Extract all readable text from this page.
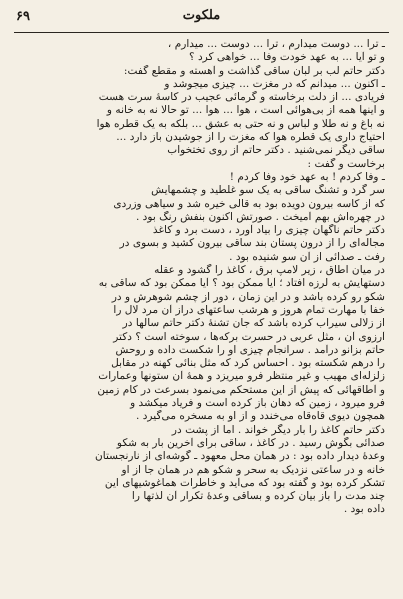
۶۹	ملکوت
ـ ترا ... دوست میدارم ، ترا ... دوست ... میدارم ،
و تو آیا ... به عهد خودت وفا ... خواهی کرد ؟
دکتر حاتم لب بر لبان ساقی گذاشت و آهسته و مقطع گفت:
ـ اکنون ... میدانم که در مغزت ... چیزی میجوشد و
فریادی ... از دلت برخاسته و گرمائی عجیب در کاسهٔ سرت هست
و اینها همه از بی‌هوائی است ، هوا ... هوا ... تو حالا نه به خانه و
نه باغ و نه طلا و لباس و نه حتی به عشق ... بلکه به یک قطره هوا
احتیاج داری یک قطره هوا که مغزت را از جوشیدن باز دارد ...
ساقی دیگر نمی‌شنید . دکتر حاتم از روی تختخواب
برخاست و گفت :
ـ وفا کردم ! به عهد خود وفا کردم !
سر گرد و تشنگ ساقی به یک سو غلطید و چشمهایش
که از کاسه بیرون دویده بود به قالی خیره شد و سیاهی وزردی
در چهره‌اش بهم آمیخت . صورتش اکنون بنفش رنگ بود .
دکتر حاتم ناگهان چیزی را بیاد آورد ، دست برد و کاغذ
مجاله‌ای را از درون پستان بند ساقی بیرون کشید و بسوی در
رفت ـ صدائی از آن سو شنیده بود .
در میان اطاق ، زیر لامپ برق ، کاغذ را گشود و عقله
دستهایش به لرزه افتاد ؛ آیا ممکن بود ؟ آیا ممکن بود که ساقی به
شکو رو کرده باشد و در این زمان ، دور از چشم شوهرش و در
خفا با مهارت تمام هروز و هرشب ساعتهای دراز آن مرد لال را
از زلالی سیراب کرده باشد که جان تشنهٔ دکتر حاتم سالها در
آرزوی آن ، مثل عربی در حسرت برکه‌ها ، سوخته است ؟ دکتر
حاتم بزانو درآمد . سرانجام چیزی او را شکست داده و روحش
را درهم شکسته بود . احساس کرد که مثل بنائی کهنه در مقابل
زلزله‌ای مهیب و غیر منتظر فرو میریزد و همهٔ آن ستونها وعمارات
و آطاقهائی که پیش از این مستحکم می‌نمود بسرعت در کام زمین
فرو میرود ، زمین که دهان باز کرده است و فریاد میکشد و
همچون دیوی قاه‌قاه می‌خندد و از او به مسخره می‌گیرد .
دکتر حاتم کاغذ را بار دیگر خواند . اما از پشت در
صدائی بگوش رسید . در کاغذ ، ساقی برای آخرین بار به شکو
وعدهٔ دیدار داده بود : در همان محل معهود ـ گوشه‌ای از نارنجستان
خانه و در ساعتی نزدیک به سحر و شکو هم در همان جا از او
تشکر کرده بود و گفته بود که می‌آید و خاطرات هماغوشیهای این
چند مدت را باز بیان کرده و بساقی وعدهٔ تکرار آن لذتها را
داده بود .
